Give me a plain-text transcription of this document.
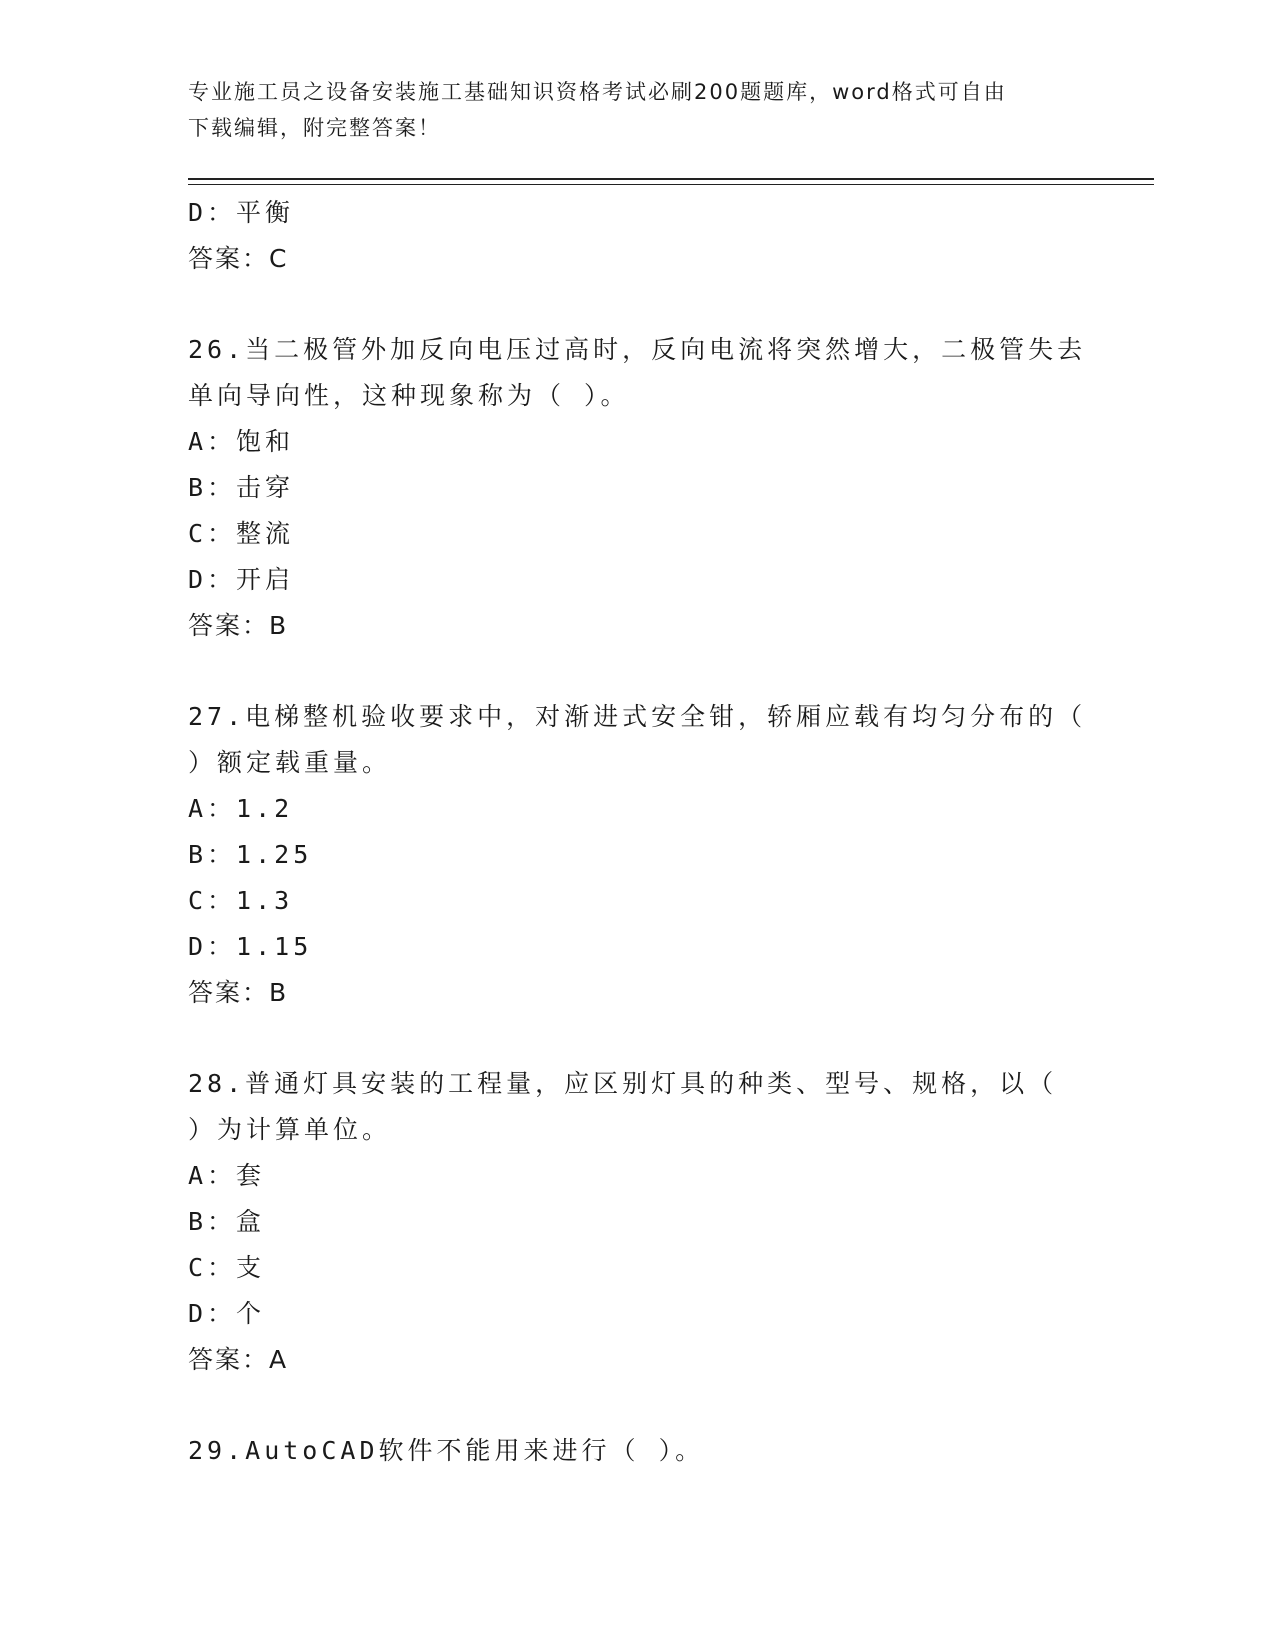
专业施工员之设备安装施工基础知识资格考试必刷200题题库，word格式可自由
下载编辑，附完整答案！
D：平衡
答案：C
26.当二极管外加反向电压过高时，反向电流将突然增大，二极管失去
单向导向性，这种现象称为（ ）。
A：饱和
B：击穿
C：整流
D：开启
答案：B
27.电梯整机验收要求中，对渐进式安全钳，轿厢应载有均匀分布的（
）额定载重量。
A：1.2
B：1.25
C：1.3
D：1.15
答案：B
28.普通灯具安装的工程量，应区别灯具的种类、型号、规格，以（
）为计算单位。
A：套
B：盒
C：支
D：个
答案：A
29.AutoCAD软件不能用来进行（ ）。
